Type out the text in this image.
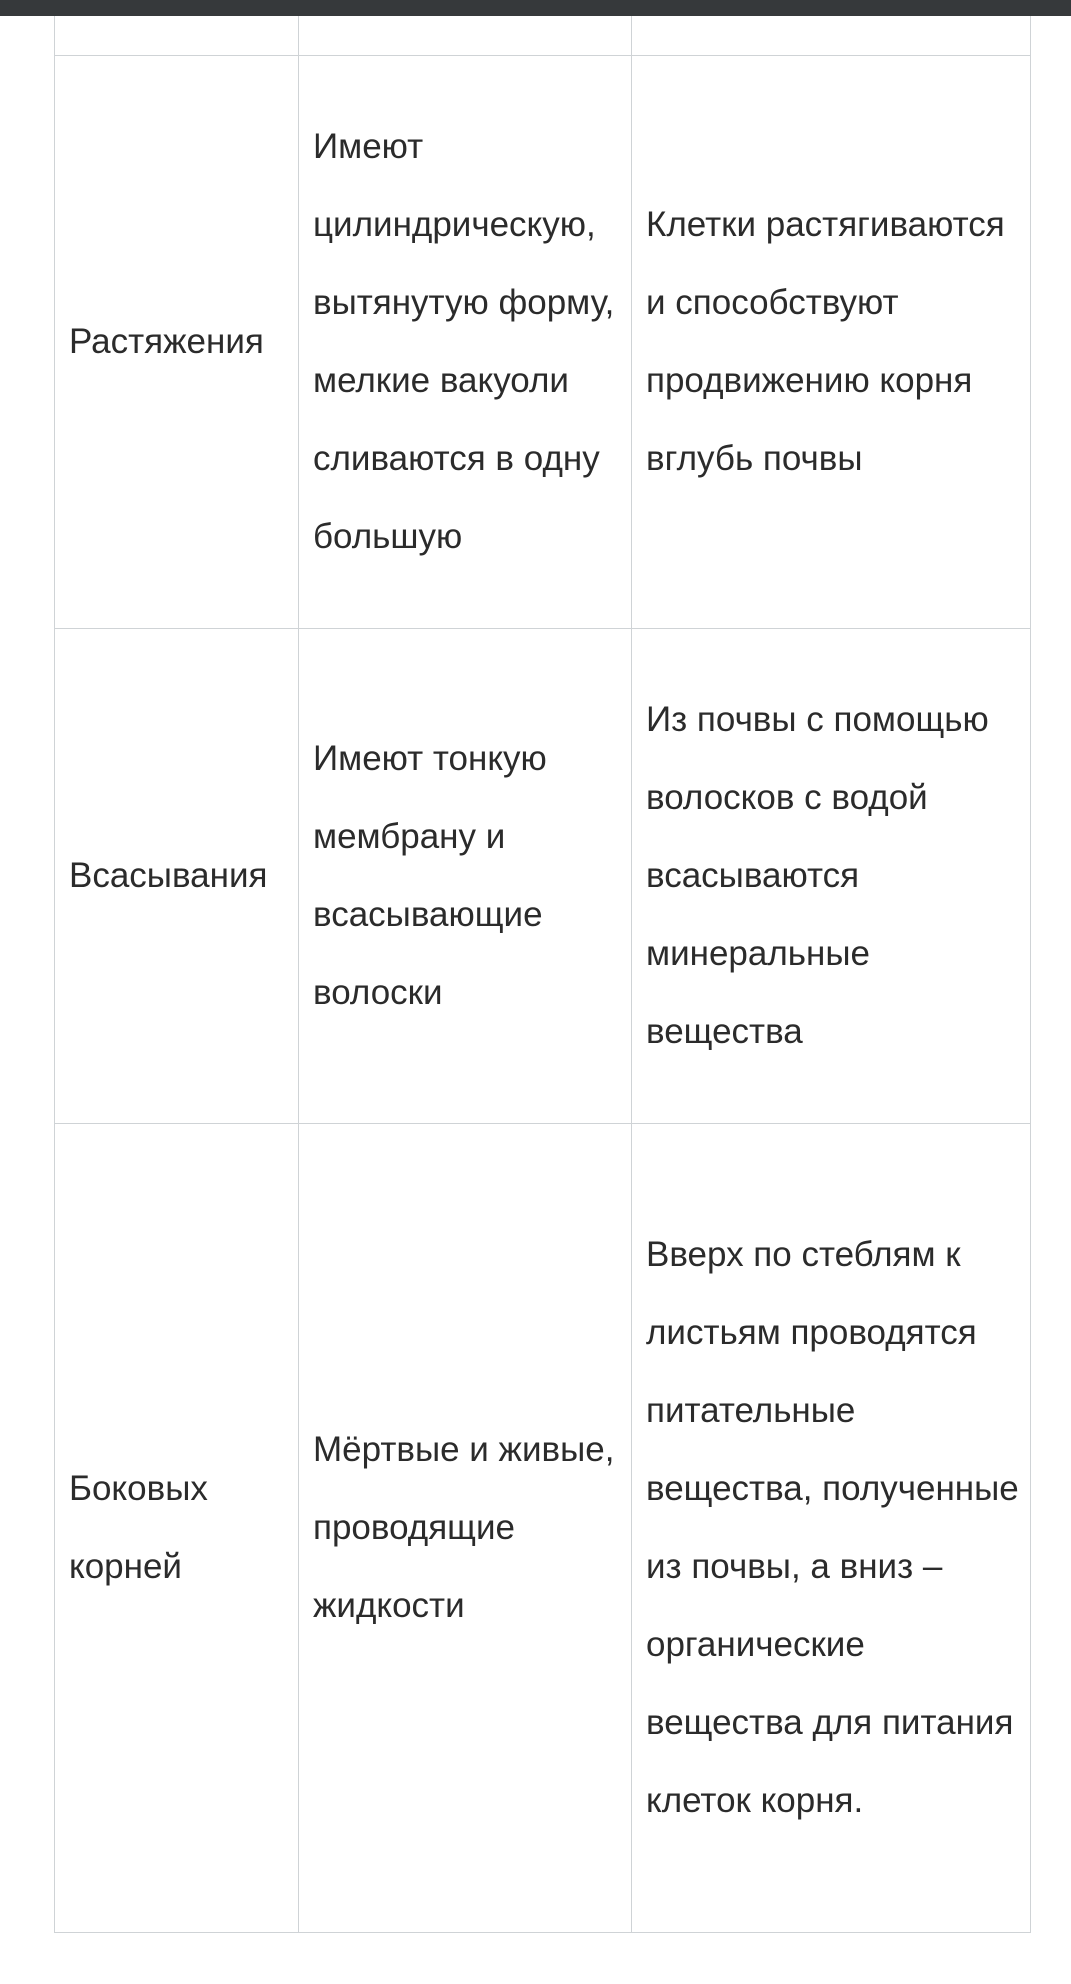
Растяжения	Имеют цилиндрическую, вытянутую форму, мелкие вакуоли сливаются в одну большую	Клетки растягиваются и способствуют продвижению корня вглубь почвы

Всасывания	Имеют тонкую мембрану и всасывающие волоски	Из почвы с помощью волосков с водой всасываются минеральные вещества

Боковых корней	Мёртвые и живые, проводящие жидкости	Вверх по стеблям к листьям проводятся питательные вещества, полученные из почвы, а вниз – органические вещества для питания клеток корня.
